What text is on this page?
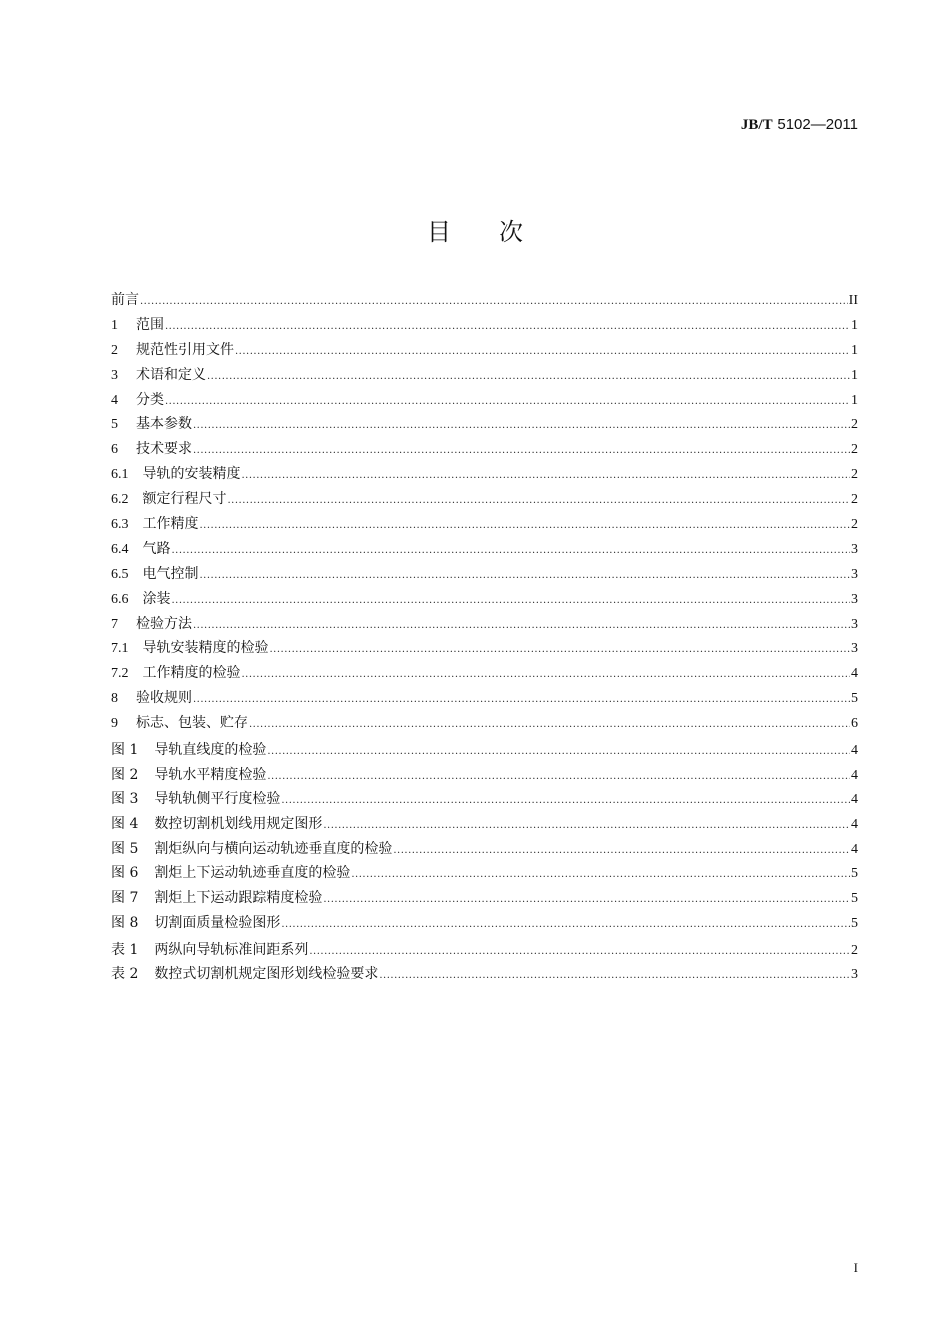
JB/T 5102—2011
目次
前言 .....	II
1 范围 .....	1
2 规范性引用文件 .....	1
3 术语和定义 .....	1
4 分类 .....	1
5 基本参数 .....	2
6 技术要求 .....	2
6.1 导轨的安装精度 .....	2
6.2 额定行程尺寸 .....	2
6.3 工作精度 .....	2
6.4 气路 .....	3
6.5 电气控制 .....	3
6.6 涂装 .....	3
7 检验方法 .....	3
7.1 导轨安装精度的检验 .....	3
7.2 工作精度的检验 .....	4
8 验收规则 .....	5
9 标志、包装、贮存 .....	6
图 1 导轨直线度的检验 .....	4
图 2 导轨水平精度检验 .....	4
图 3 导轨轨侧平行度检验 .....	4
图 4 数控切割机划线用规定图形 .....	4
图 5 割炬纵向与横向运动轨迹垂直度的检验 .....	4
图 6 割炬上下运动轨迹垂直度的检验 .....	5
图 7 割炬上下运动跟踪精度检验 .....	5
图 8 切割面质量检验图形 .....	5
表 1 两纵向导轨标准间距系列 .....	2
表 2 数控式切割机规定图形划线检验要求 .....	3
I
